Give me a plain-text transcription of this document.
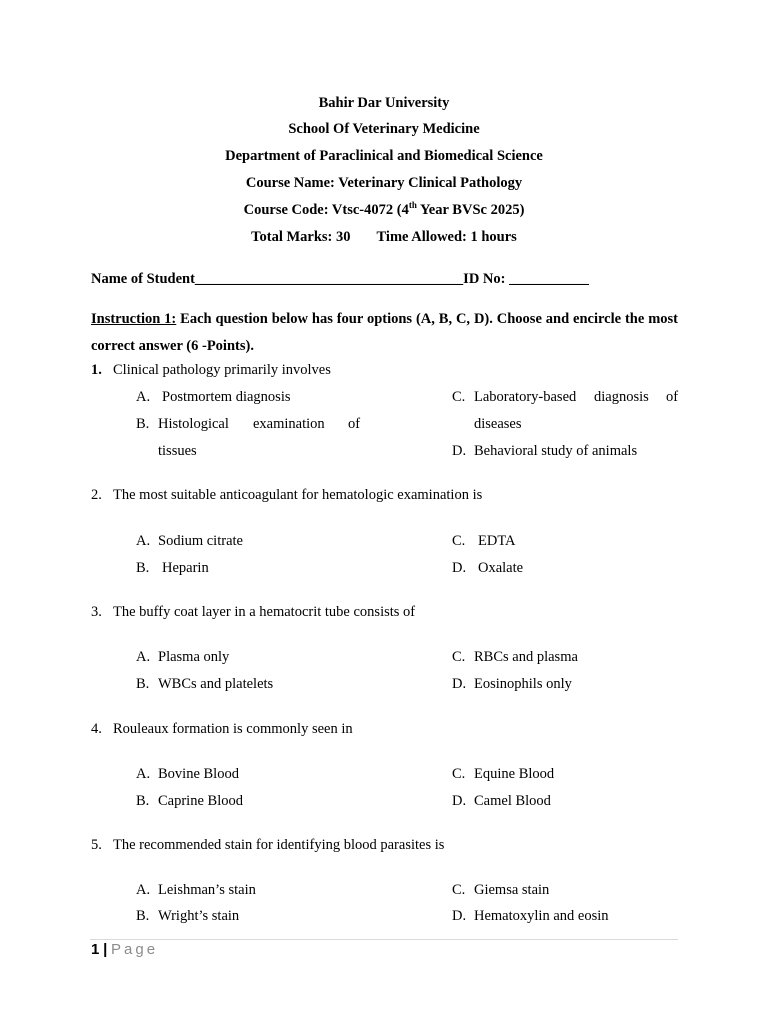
Bahir Dar University
School Of Veterinary Medicine
Department of Paraclinical and Biomedical Science
Course Name: Veterinary Clinical Pathology
Course Code: Vtsc-4072 (4th Year BVSc 2025)
Total Marks: 30 Time Allowed: 1 hours
Name of Student_____________________________________ID No: ___________
Instruction 1: Each question below has four options (A, B, C, D). Choose and encircle the most correct answer (6 -Points).
1. Clinical pathology primarily involves
A. Postmortem diagnosis
B. Histological examination of
tissues
C. Laboratory-based diagnosis of
diseases
D. Behavioral study of animals
2. The most suitable anticoagulant for hematologic examination is
A. Sodium citrate
B. Heparin
C. EDTA
D. Oxalate
3. The buffy coat layer in a hematocrit tube consists of
A. Plasma only
B. WBCs and platelets
C. RBCs and plasma
D. Eosinophils only
4. Rouleaux formation is commonly seen in
A. Bovine Blood
B. Caprine Blood
C. Equine Blood
D. Camel Blood
5. The recommended stain for identifying blood parasites is
A. Leishman’s stain
B. Wright’s stain
C. Giemsa stain
D. Hematoxylin and eosin
1 | Page
